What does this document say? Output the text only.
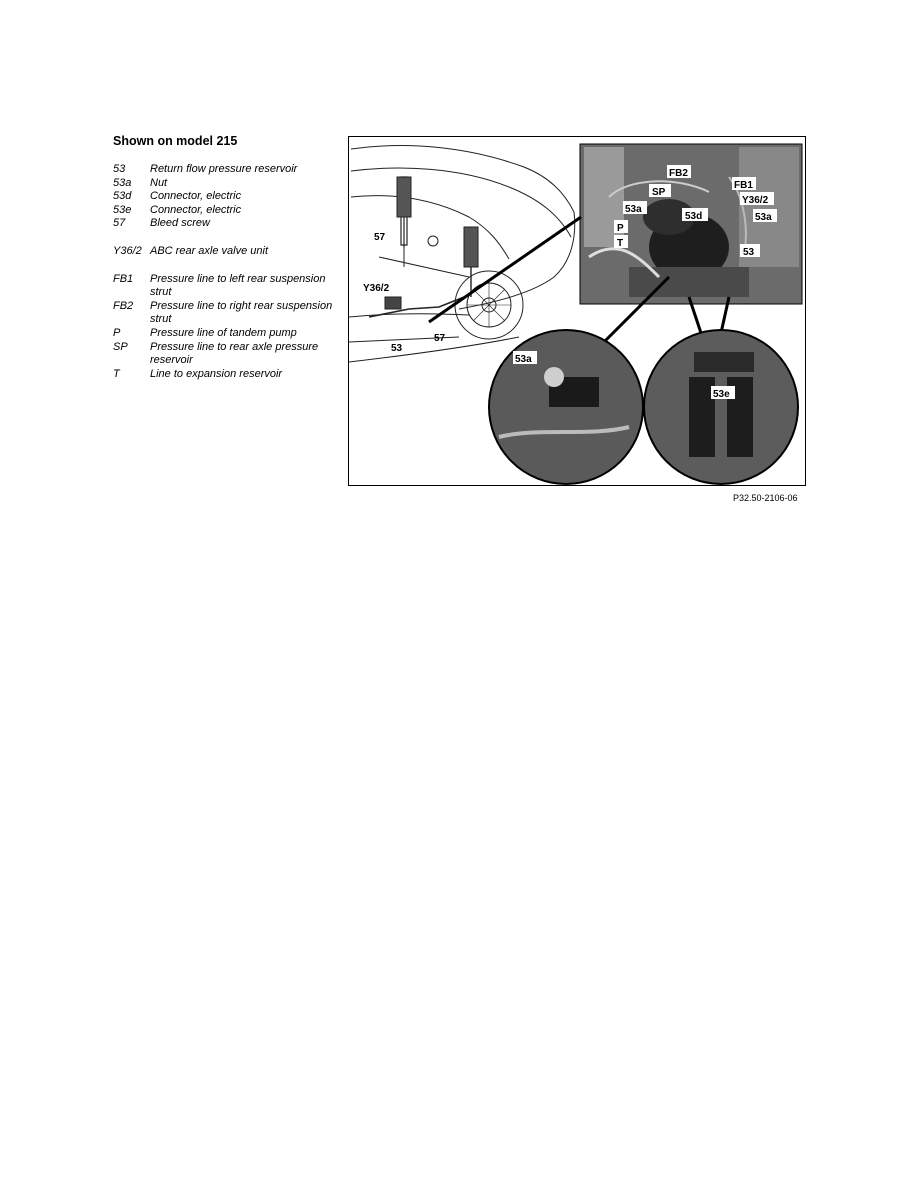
Shown on model 215
53	Return flow pressure reservoir
53a	Nut
53d	Connector, electric
53e	Connector, electric
57	Bleed screw
Y36/2 ABC rear axle valve unit
FB1	Pressure line to left rear suspension strut
FB2	Pressure line to right rear suspension strut
P	Pressure line of tandem pump
SP	Pressure line to rear axle pressure reservoir
T	Line to expansion reservoir
57
Y36/2
53
57
FB2
FB1
SP
Y36/2
53a
53d	53a
P
T
53
53a
53e
P32.50-2106-06
